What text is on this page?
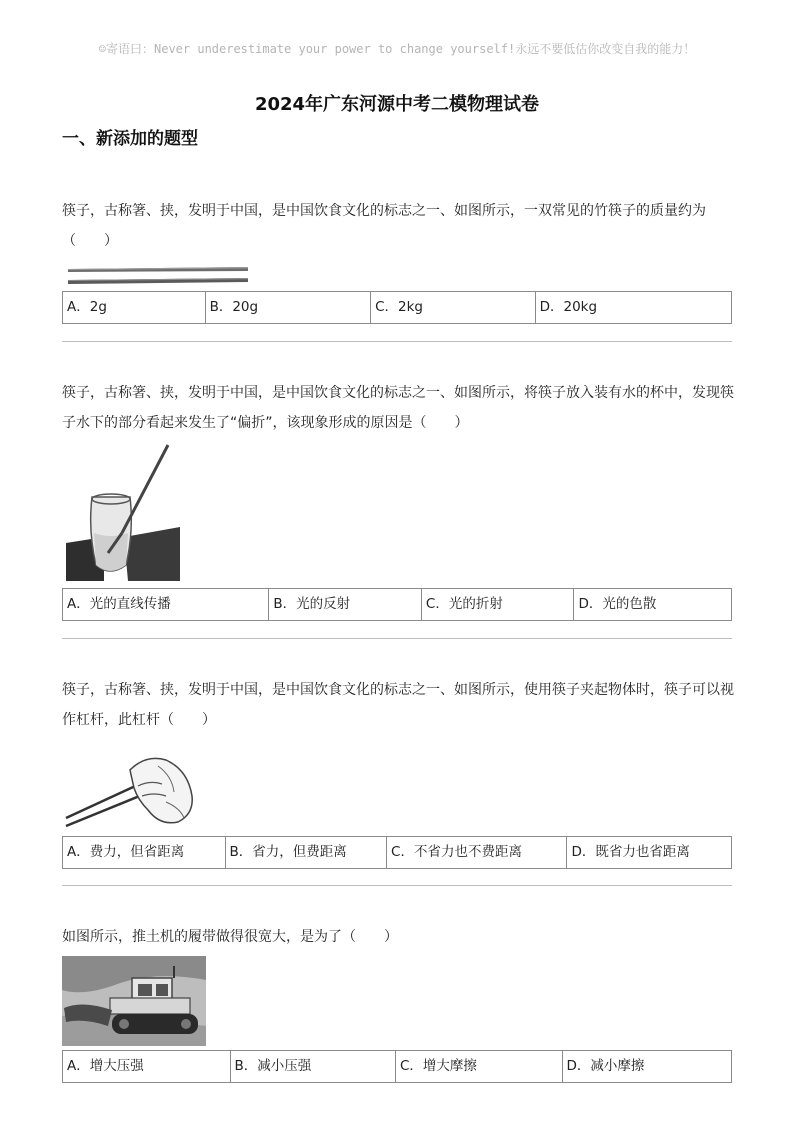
☺寄语曰：Never underestimate your power to change yourself!永远不要低估你改变自我的能力！
2024年广东河源中考二模物理试卷
一、新添加的题型
筷子，古称箸、挟，发明于中国，是中国饮食文化的标志之一、如图所示，一双常见的竹筷子的质量约为
（　　）
A．2g	B．20g	C．2kg	D．20kg
筷子，古称箸、挟，发明于中国，是中国饮食文化的标志之一、如图所示，将筷子放入装有水的杯中，发现筷
子水下的部分看起来发生了“偏折”，该现象形成的原因是（　　）
A．光的直线传播	B．光的反射	C．光的折射	D．光的色散
筷子，古称箸、挟，发明于中国，是中国饮食文化的标志之一、如图所示，使用筷子夹起物体时，筷子可以视
作杠杆，此杠杆（　　）
A．费力，但省距离	B．省力，但费距离	C．不省力也不费距离	D．既省力也省距离
如图所示，推土机的履带做得很宽大，是为了（　　）
A．增大压强	B．减小压强	C．增大摩擦	D．减小摩擦
